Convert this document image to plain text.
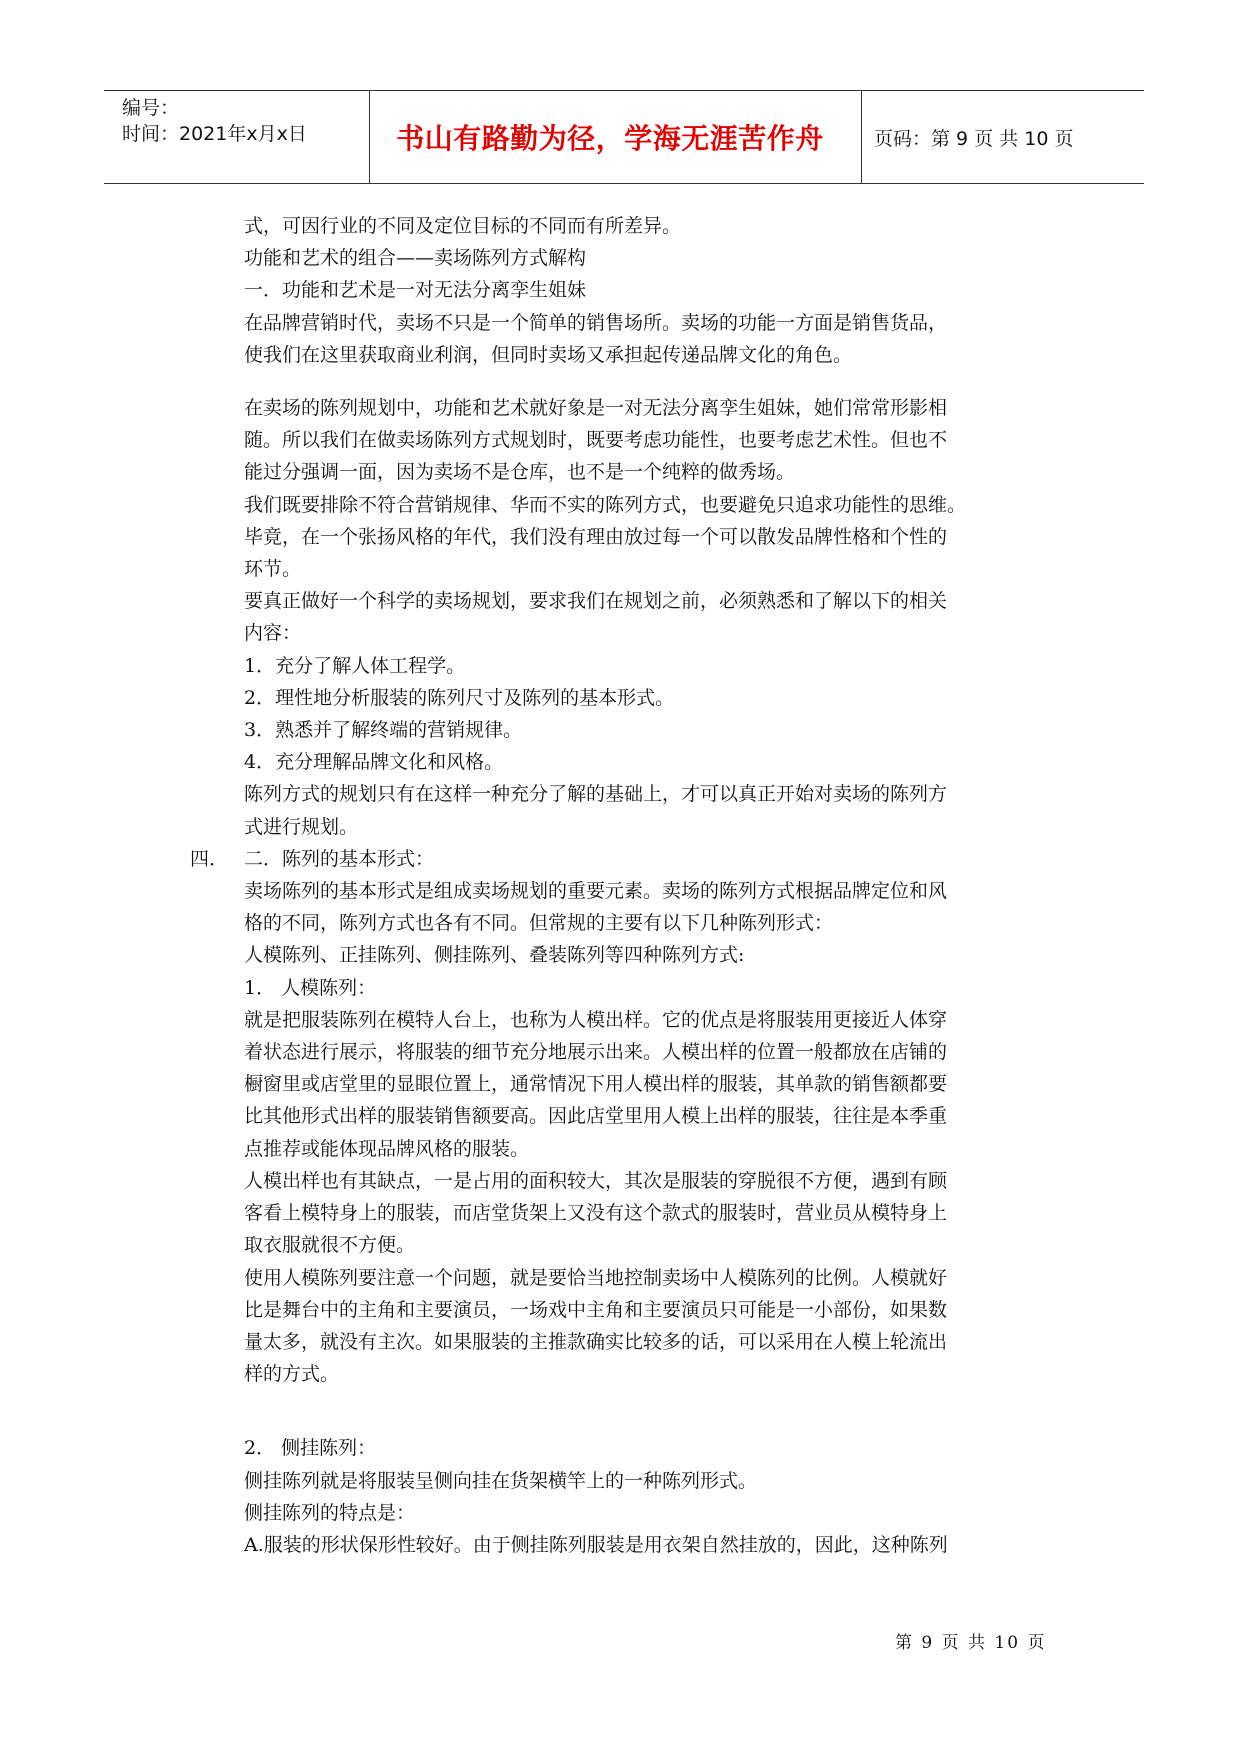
编号：
时间：2021年x月x日	书山有路勤为径，学海无涯苦作舟	页码：第 9 页 共 10 页

式，可因行业的不同及定位目标的不同而有所差异。

功能和艺术的组合——卖场陈列方式解构

一．功能和艺术是一对无法分离孪生姐妹

在品牌营销时代，卖场不只是一个简单的销售场所。卖场的功能一方面是销售货品，

使我们在这里获取商业利润，但同时卖场又承担起传递品牌文化的角色。

在卖场的陈列规划中，功能和艺术就好象是一对无法分离孪生姐妹，她们常常形影相

随。所以我们在做卖场陈列方式规划时，既要考虑功能性，也要考虑艺术性。但也不

能过分强调一面，因为卖场不是仓库，也不是一个纯粹的做秀场。

我们既要排除不符合营销规律、华而不实的陈列方式，也要避免只追求功能性的思维。

毕竟，在一个张扬风格的年代，我们没有理由放过每一个可以散发品牌性格和个性的

环节。

要真正做好一个科学的卖场规划，要求我们在规划之前，必须熟悉和了解以下的相关

内容：

1．充分了解人体工程学。

2．理性地分析服装的陈列尺寸及陈列的基本形式。

3．熟悉并了解终端的营销规律。

4．充分理解品牌文化和风格。

陈列方式的规划只有在这样一种充分了解的基础上，才可以真正开始对卖场的陈列方

式进行规划。

四． 二．陈列的基本形式：

卖场陈列的基本形式是组成卖场规划的重要元素。卖场的陈列方式根据品牌定位和风

格的不同，陈列方式也各有不同。但常规的主要有以下几种陈列形式：

人模陈列、正挂陈列、侧挂陈列、叠装陈列等四种陈列方式:

1． 人模陈列：

就是把服装陈列在模特人台上，也称为人模出样。它的优点是将服装用更接近人体穿

着状态进行展示，将服装的细节充分地展示出来。人模出样的位置一般都放在店铺的

橱窗里或店堂里的显眼位置上，通常情况下用人模出样的服装，其单款的销售额都要

比其他形式出样的服装销售额要高。因此店堂里用人模上出样的服装，往往是本季重

点推荐或能体现品牌风格的服装。

人模出样也有其缺点，一是占用的面积较大，其次是服装的穿脱很不方便，遇到有顾

客看上模特身上的服装，而店堂货架上又没有这个款式的服装时，营业员从模特身上

取衣服就很不方便。

使用人模陈列要注意一个问题，就是要恰当地控制卖场中人模陈列的比例。人模就好

比是舞台中的主角和主要演员，一场戏中主角和主要演员只可能是一小部份，如果数

量太多，就没有主次。如果服装的主推款确实比较多的话，可以采用在人模上轮流出

样的方式。

2． 侧挂陈列：

侧挂陈列就是将服装呈侧向挂在货架横竿上的一种陈列形式。

侧挂陈列的特点是：

A.服装的形状保形性较好。由于侧挂陈列服装是用衣架自然挂放的，因此，这种陈列

第 9 页 共 10 页
